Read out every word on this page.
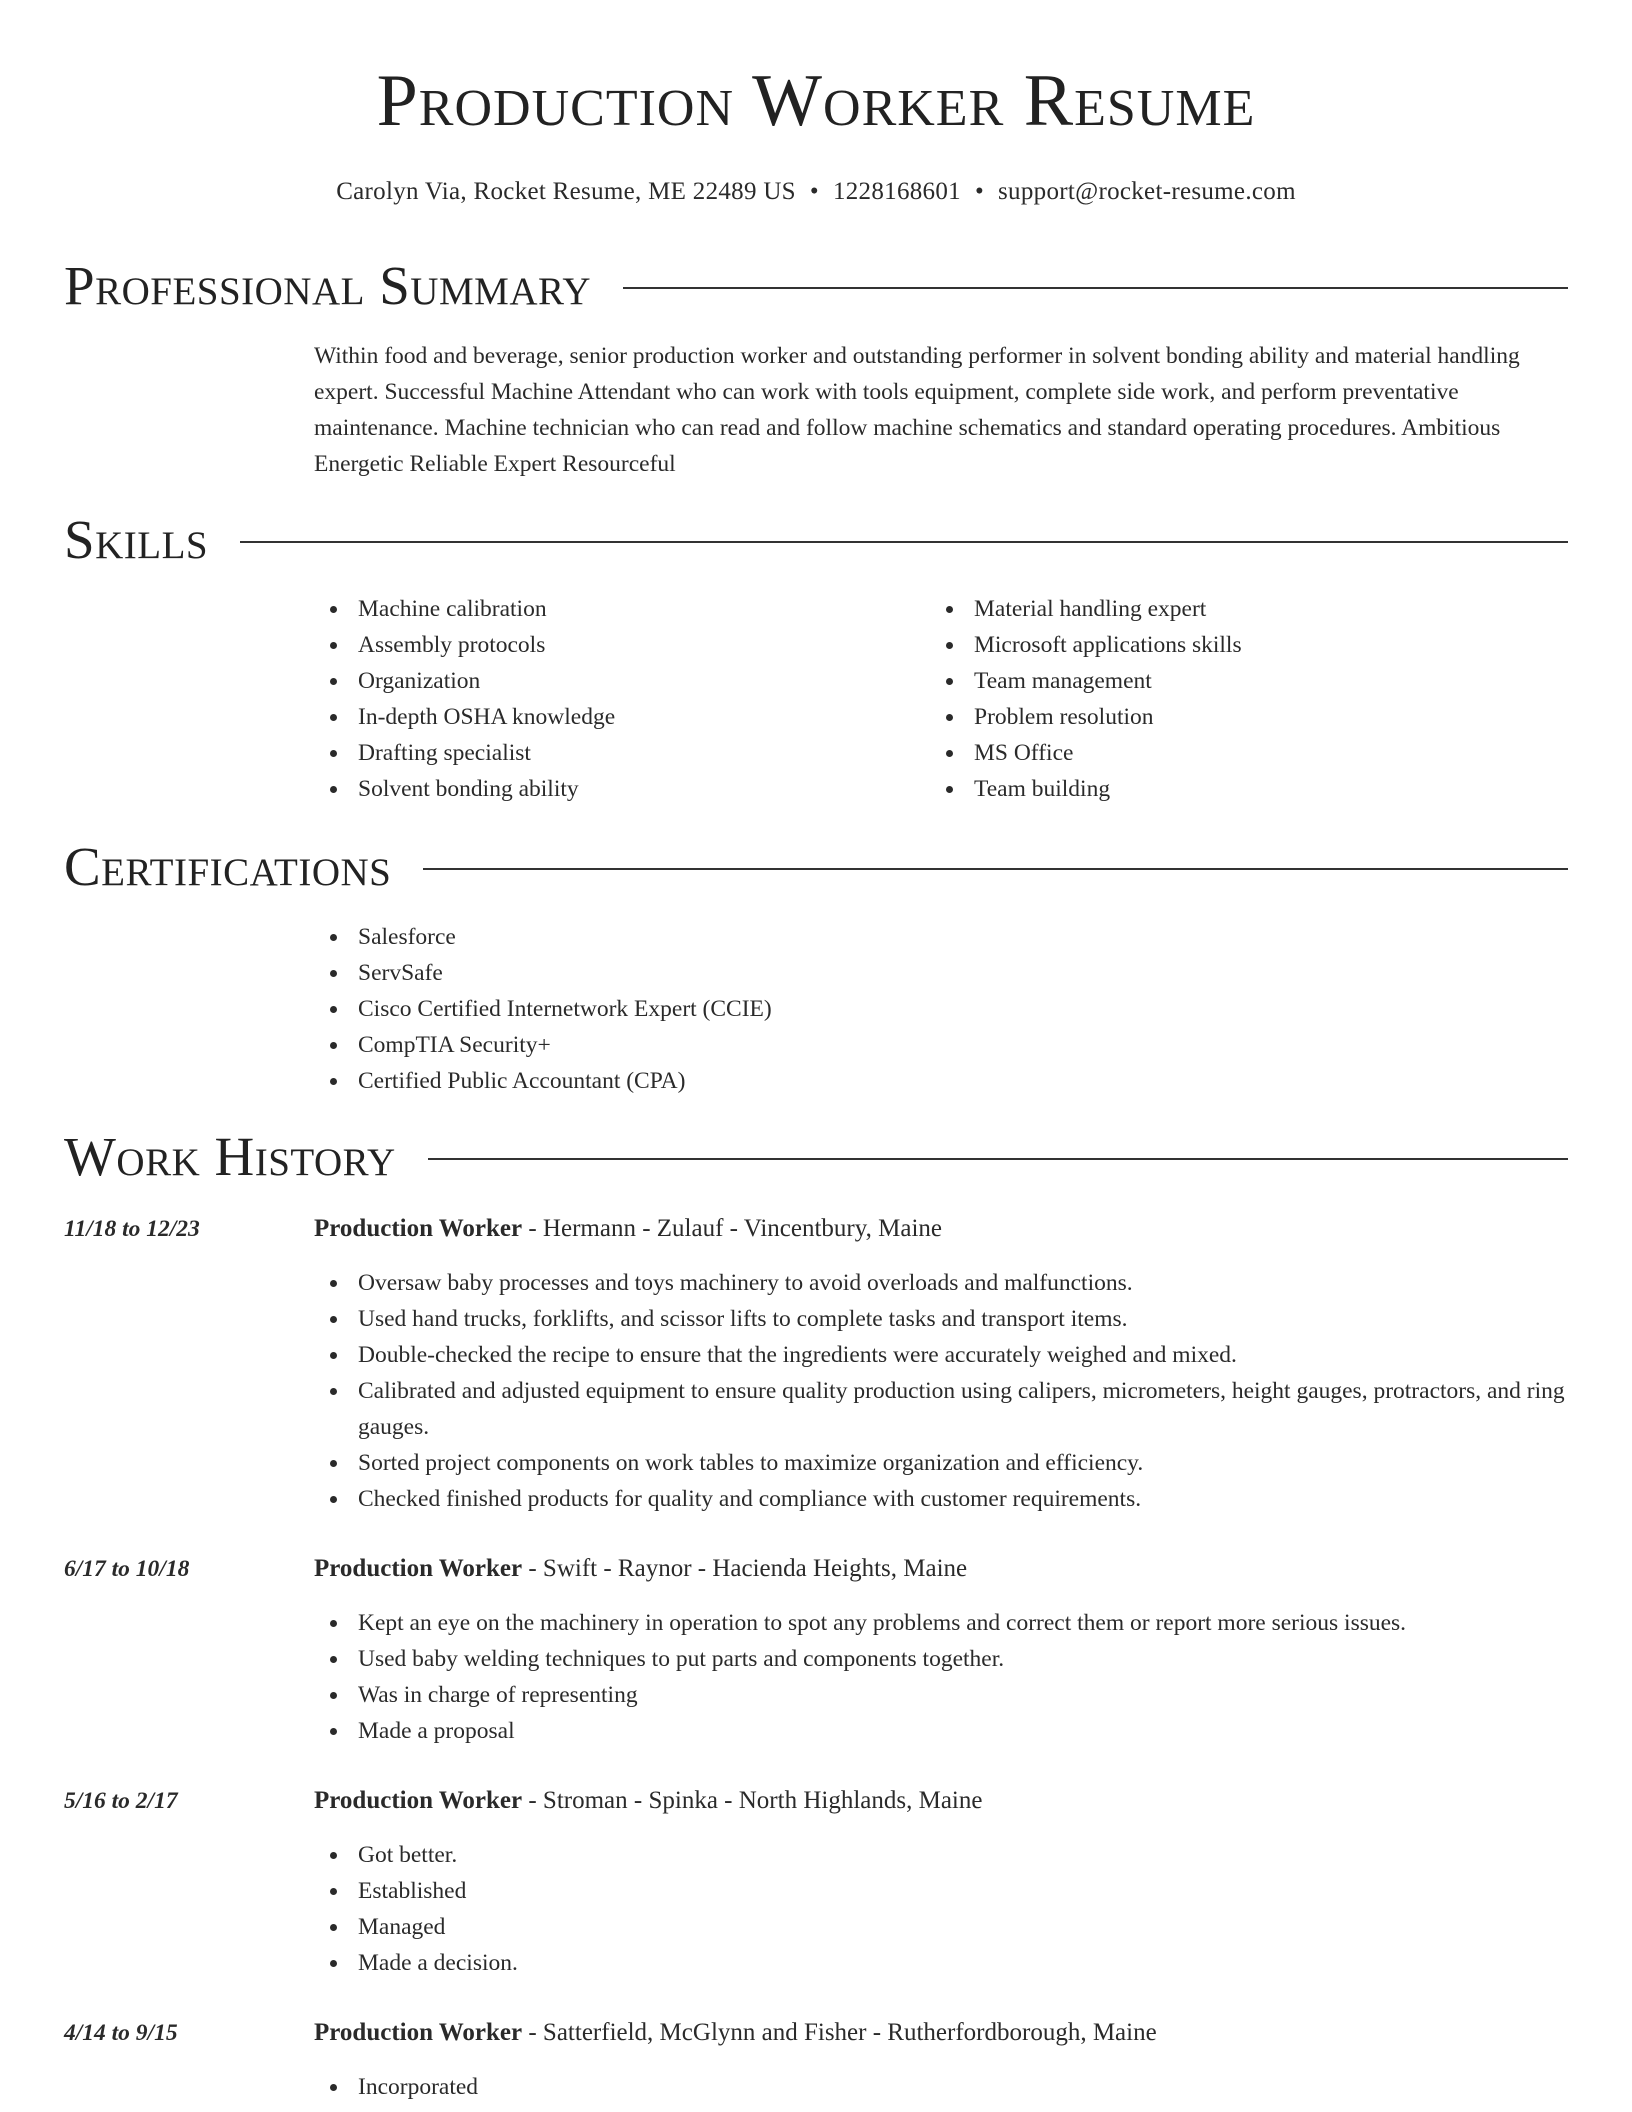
Production Worker Resume
Carolyn Via, Rocket Resume, ME 22489 US • 1228168601 • support@rocket-resume.com
Professional Summary

Within food and beverage, senior production worker and outstanding performer in solvent bonding ability and material handling expert. Successful Machine Attendant who can work with tools equipment, complete side work, and perform preventative maintenance. Machine technician who can read and follow machine schematics and standard operating procedures. Ambitious Energetic Reliable Expert Resourceful

Skills
Machine calibration
Assembly protocols
Organization
In-depth OSHA knowledge
Drafting specialist
Solvent bonding ability
Material handling expert
Microsoft applications skills
Team management
Problem resolution
MS Office
Team building
Certifications
Salesforce
ServSafe
Cisco Certified Internetwork Expert (CCIE)
CompTIA Security+
Certified Public Accountant (CPA)
Work History
11/18 to 12/23	Production Worker - Hermann - Zulauf - Vincentbury, Maine
Oversaw baby processes and toys machinery to avoid overloads and malfunctions.
Used hand trucks, forklifts, and scissor lifts to complete tasks and transport items.
Double-checked the recipe to ensure that the ingredients were accurately weighed and mixed.
Calibrated and adjusted equipment to ensure quality production using calipers, micrometers, height gauges, protractors, and ring gauges.
Sorted project components on work tables to maximize organization and efficiency.
Checked finished products for quality and compliance with customer requirements.
6/17 to 10/18	Production Worker - Swift - Raynor - Hacienda Heights, Maine
Kept an eye on the machinery in operation to spot any problems and correct them or report more serious issues.
Used baby welding techniques to put parts and components together.
Was in charge of representing
Made a proposal
5/16 to 2/17	Production Worker - Stroman - Spinka - North Highlands, Maine
Got better.
Established
Managed
Made a decision.
4/14 to 9/15	Production Worker - Satterfield, McGlynn and Fisher - Rutherfordborough, Maine
Incorporated
